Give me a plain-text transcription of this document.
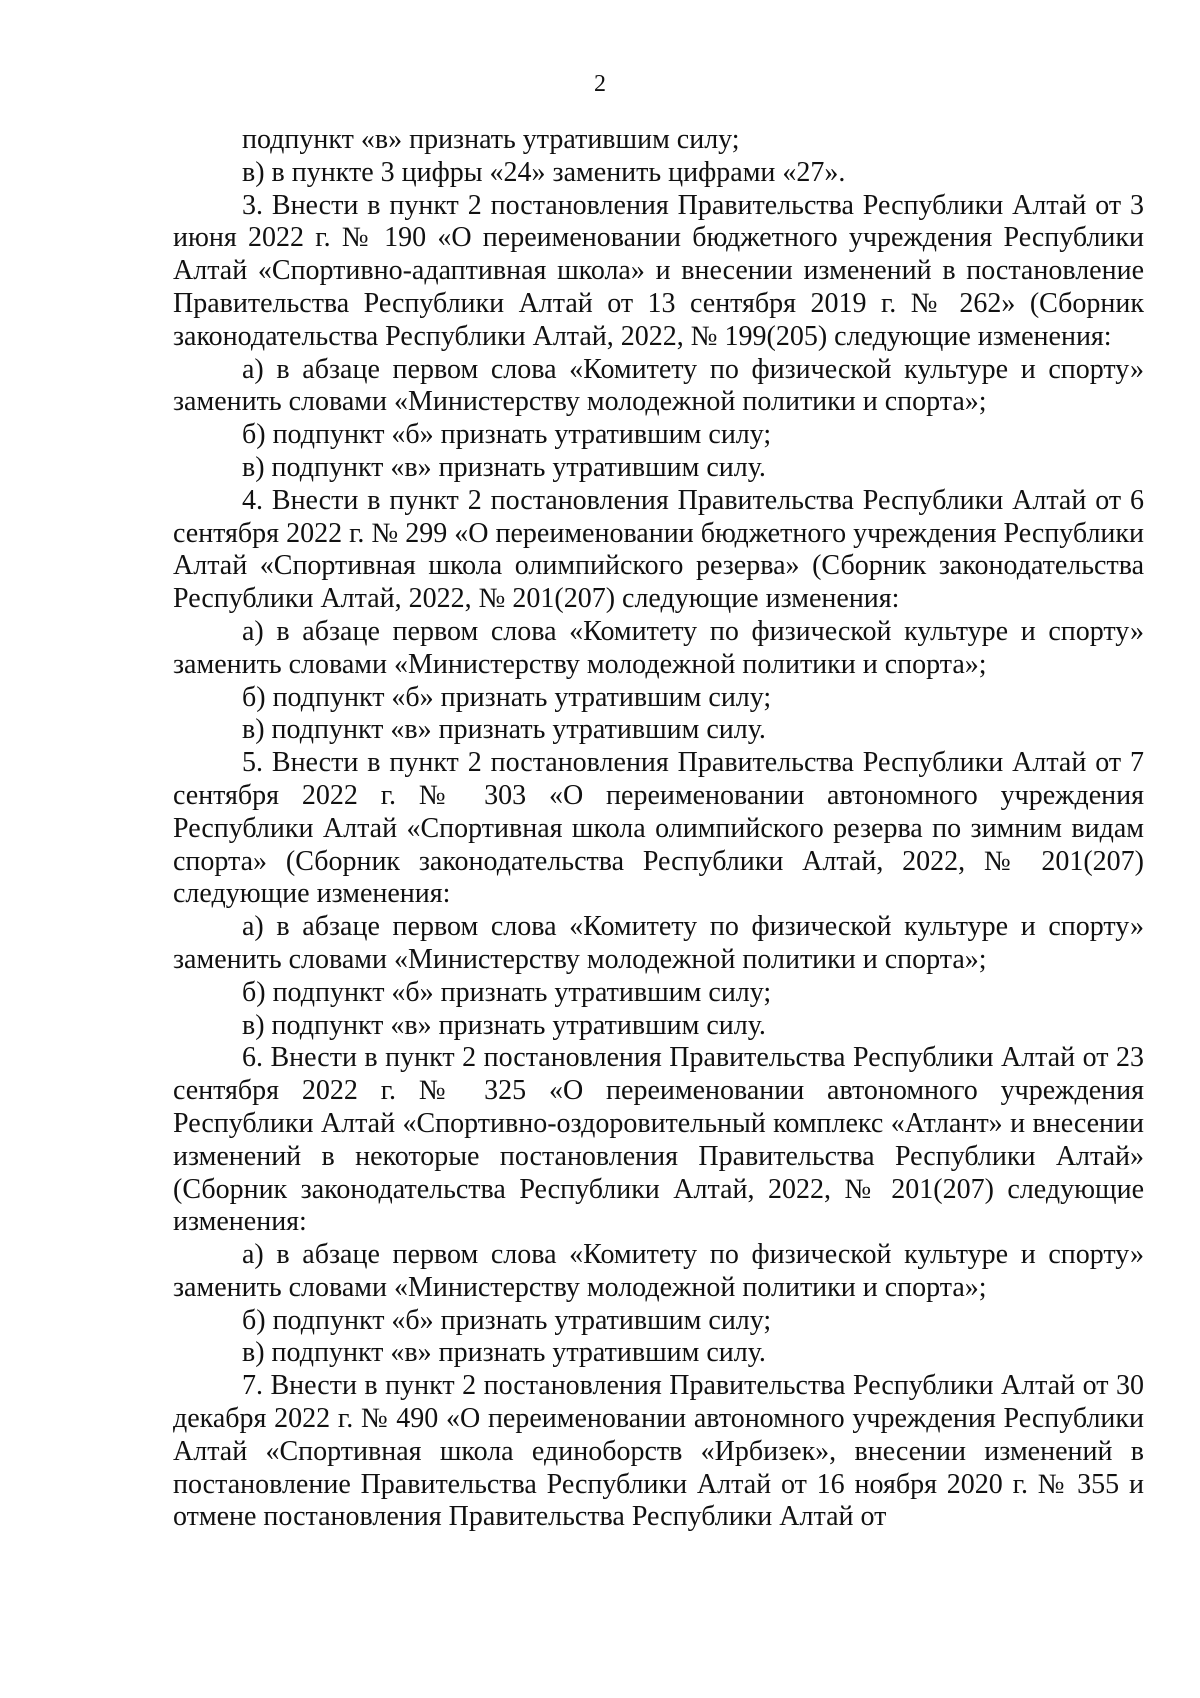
2

подпункт «в» признать утратившим силу;

в) в пункте 3 цифры «24» заменить цифрами «27».

3. Внести в пункт 2 постановления Правительства Республики Алтай от 3 июня 2022 г. № 190 «О переименовании бюджетного учреждения Республики Алтай «Спортивно-адаптивная школа» и внесении изменений в постановление Правительства Республики Алтай от 13 сентября 2019 г. № 262» (Сборник законодательства Республики Алтай, 2022, № 199(205) следующие изменения:

а) в абзаце первом слова «Комитету по физической культуре и спорту» заменить словами «Министерству молодежной политики и спорта»;

б) подпункт «б» признать утратившим силу;

в) подпункт «в» признать утратившим силу.

4. Внести в пункт 2 постановления Правительства Республики Алтай от 6 сентября 2022 г. № 299 «О переименовании бюджетного учреждения Республики Алтай «Спортивная школа олимпийского резерва» (Сборник законодательства Республики Алтай, 2022, № 201(207) следующие изменения:

а) в абзаце первом слова «Комитету по физической культуре и спорту» заменить словами «Министерству молодежной политики и спорта»;

б) подпункт «б» признать утратившим силу;

в) подпункт «в» признать утратившим силу.

5. Внести в пункт 2 постановления Правительства Республики Алтай от 7 сентября 2022 г. № 303 «О переименовании автономного учреждения Республики Алтай «Спортивная школа олимпийского резерва по зимним видам спорта» (Сборник законодательства Республики Алтай, 2022, № 201(207) следующие изменения:

а) в абзаце первом слова «Комитету по физической культуре и спорту» заменить словами «Министерству молодежной политики и спорта»;

б) подпункт «б» признать утратившим силу;

в) подпункт «в» признать утратившим силу.

6. Внести в пункт 2 постановления Правительства Республики Алтай от 23 сентября 2022 г. № 325 «О переименовании автономного учреждения Республики Алтай «Спортивно-оздоровительный комплекс «Атлант» и внесении изменений в некоторые постановления Правительства Республики Алтай» (Сборник законодательства Республики Алтай, 2022, № 201(207) следующие изменения:

а) в абзаце первом слова «Комитету по физической культуре и спорту» заменить словами «Министерству молодежной политики и спорта»;

б) подпункт «б» признать утратившим силу;

в) подпункт «в» признать утратившим силу.

7. Внести в пункт 2 постановления Правительства Республики Алтай от 30 декабря 2022 г. № 490 «О переименовании автономного учреждения Республики Алтай «Спортивная школа единоборств «Ирбизек», внесении изменений в постановление Правительства Республики Алтай от 16 ноября 2020 г. № 355 и отмене постановления Правительства Республики Алтай от
